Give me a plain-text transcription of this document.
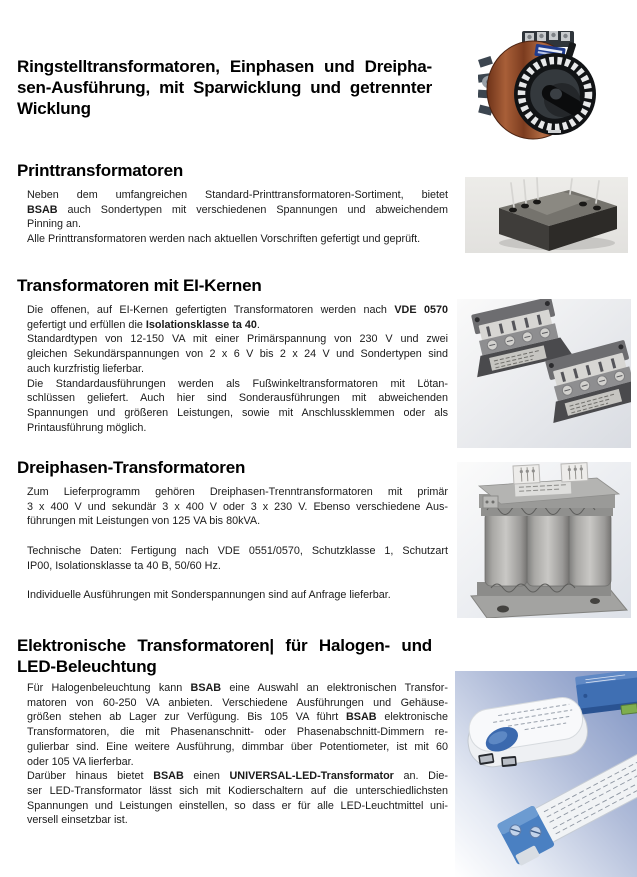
Ringstelltransformatoren, Einphasen und Dreipha-
sen-Ausführung, mit Sparwicklung und getrennter
Wicklung
Printtransformatoren
Neben dem umfangreichen Standard-Printtransformatoren-Sortiment, bietet
BSAB auch Sondertypen mit verschiedenen Spannungen und abweichendem
Pinning an.
Alle Printtransformatoren werden nach aktuellen Vorschriften gefertigt und geprüft.
Transformatoren mit EI-Kernen
Die offenen, auf EI-Kernen gefertigten Transformatoren werden nach VDE 0570
gefertigt und erfüllen die Isolationsklasse ta 40.
Standardtypen von 12-150 VA mit einer Primärspannung von 230 V und zwei
gleichen Sekundärspannungen von 2 x 6 V bis 2 x 24 V und Sondertypen sind
auch kurzfristig lieferbar.
Die Standardausführungen werden als Fußwinkeltransformatoren mit Lötan-
schlüssen geliefert. Auch hier sind Sonderausführungen mit abweichenden
Spannungen und größeren Leistungen, sowie mit Anschlussklemmen oder als
Printausführung möglich.
Dreiphasen-Transformatoren
Zum Lieferprogramm gehören Dreiphasen-Trenntransformatoren mit primär
3 x 400 V und sekundär 3 x 400 V oder 3 x 230 V. Ebenso verschiedene Aus-
führungen mit Leistungen von 125 VA bis 80kVA.
Technische Daten: Fertigung nach VDE 0551/0570, Schutzklasse 1, Schutzart
IP00, Isolationsklasse ta 40 B, 50/60 Hz.
Individuelle Ausführungen mit Sonderspannungen sind auf Anfrage lieferbar.
Elektronische Transformatoren| für Halogen- und
LED-Beleuchtung
Für Halogenbeleuchtung kann BSAB eine Auswahl an elektronischen Transfor-
matoren von 60-250 VA anbieten. Verschiedene Ausführungen und Gehäuse-
größen stehen ab Lager zur Verfügung. Bis 105 VA führt BSAB elektronische
Transformatoren, die mit Phasenanschnitt- oder Phasenabschnitt-Dimmern re-
gulierbar sind. Eine weitere Ausführung, dimmbar über Potentiometer, ist mit 60
oder 105 VA lierferbar.
Darüber hinaus bietet BSAB einen UNIVERSAL-LED-Transformator an. Die-
ser LED-Transformator lässt sich mit Kodierschaltern auf die unterschiedlichsten
Spannungen und Leistungen einstellen, so dass er für alle LED-Leuchtmittel uni-
versell einsetzbar ist.
